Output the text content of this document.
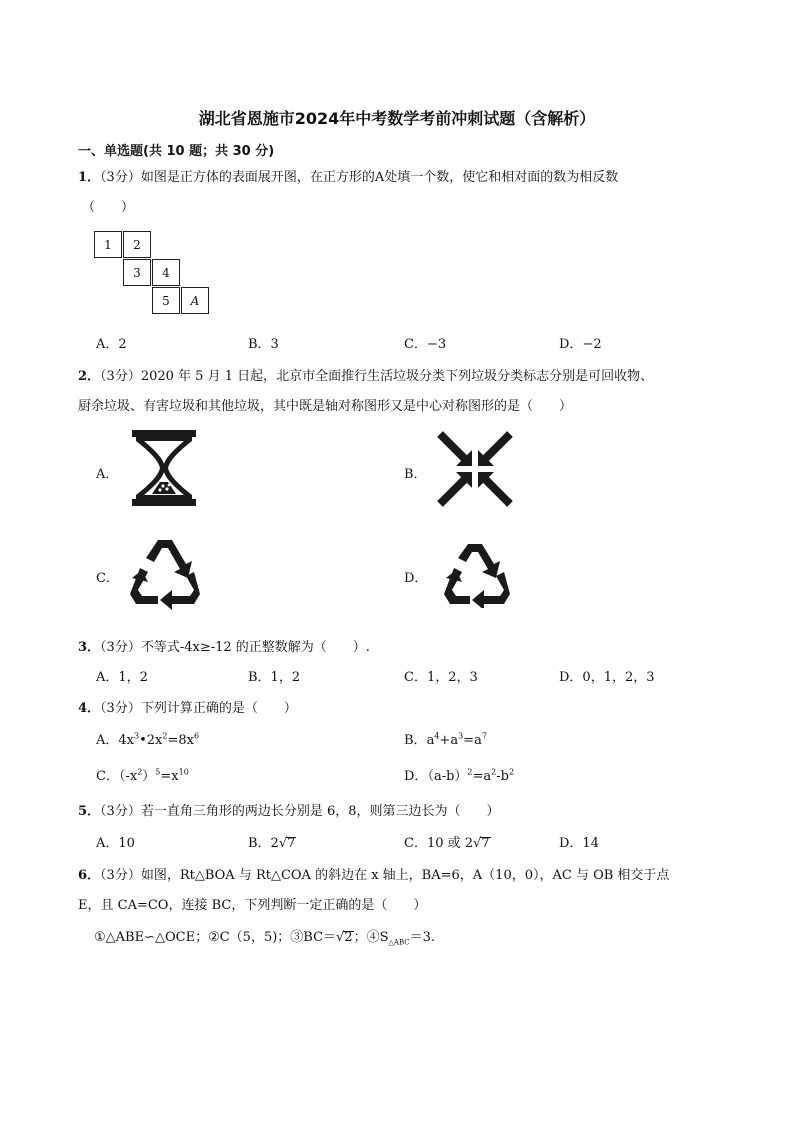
湖北省恩施市2024年中考数学考前冲刺试题（含解析）
一、单选题(共 10 题；共 30 分)
1．（3分）如图是正方体的表面展开图，在正方形的A处填一个数，使它和相对面的数为相反数
（　　）
1	2
3	4
5	A
A．2	B．3	C．−3	D．−2
2．（3分）2020 年 5 月 1 日起，北京市全面推行生活垃圾分类下列垃圾分类标志分别是可回收物、
厨余垃圾、有害垃圾和其他垃圾，其中既是轴对称图形又是中心对称图形的是（　　）
A．	B．
C．	D．
3．（3分）不等式-4x≥-12 的正整数解为（　　）.
A．1，2	B．1，2	C．1，2，3	D．0，1，2，3
4．（3分）下列计算正确的是（　　）
A．$4x^3•2x^2=8x^6$	B．$a^4+a^3=a^7$
C．$(-x^2)^5=x^{10}$	D．$(a-b)^2=a^2-b^2$
5．（3分）若一直角三角形的两边长分别是 6，8，则第三边长为（　　）
A．10	B．2√7	C．10 或 2√7	D．14
6．（3分）如图，Rt△BOA 与 Rt△COA 的斜边在 x 轴上，BA=6，A（10，0），AC 与 OB 相交于点
E，且 CA=CO，连接 BC，下列判断一定正确的是（　　）
①△ABE∽△OCE；②C（5，5)；③BC＝√2；$④S_{\triangle ABC}=3$.
